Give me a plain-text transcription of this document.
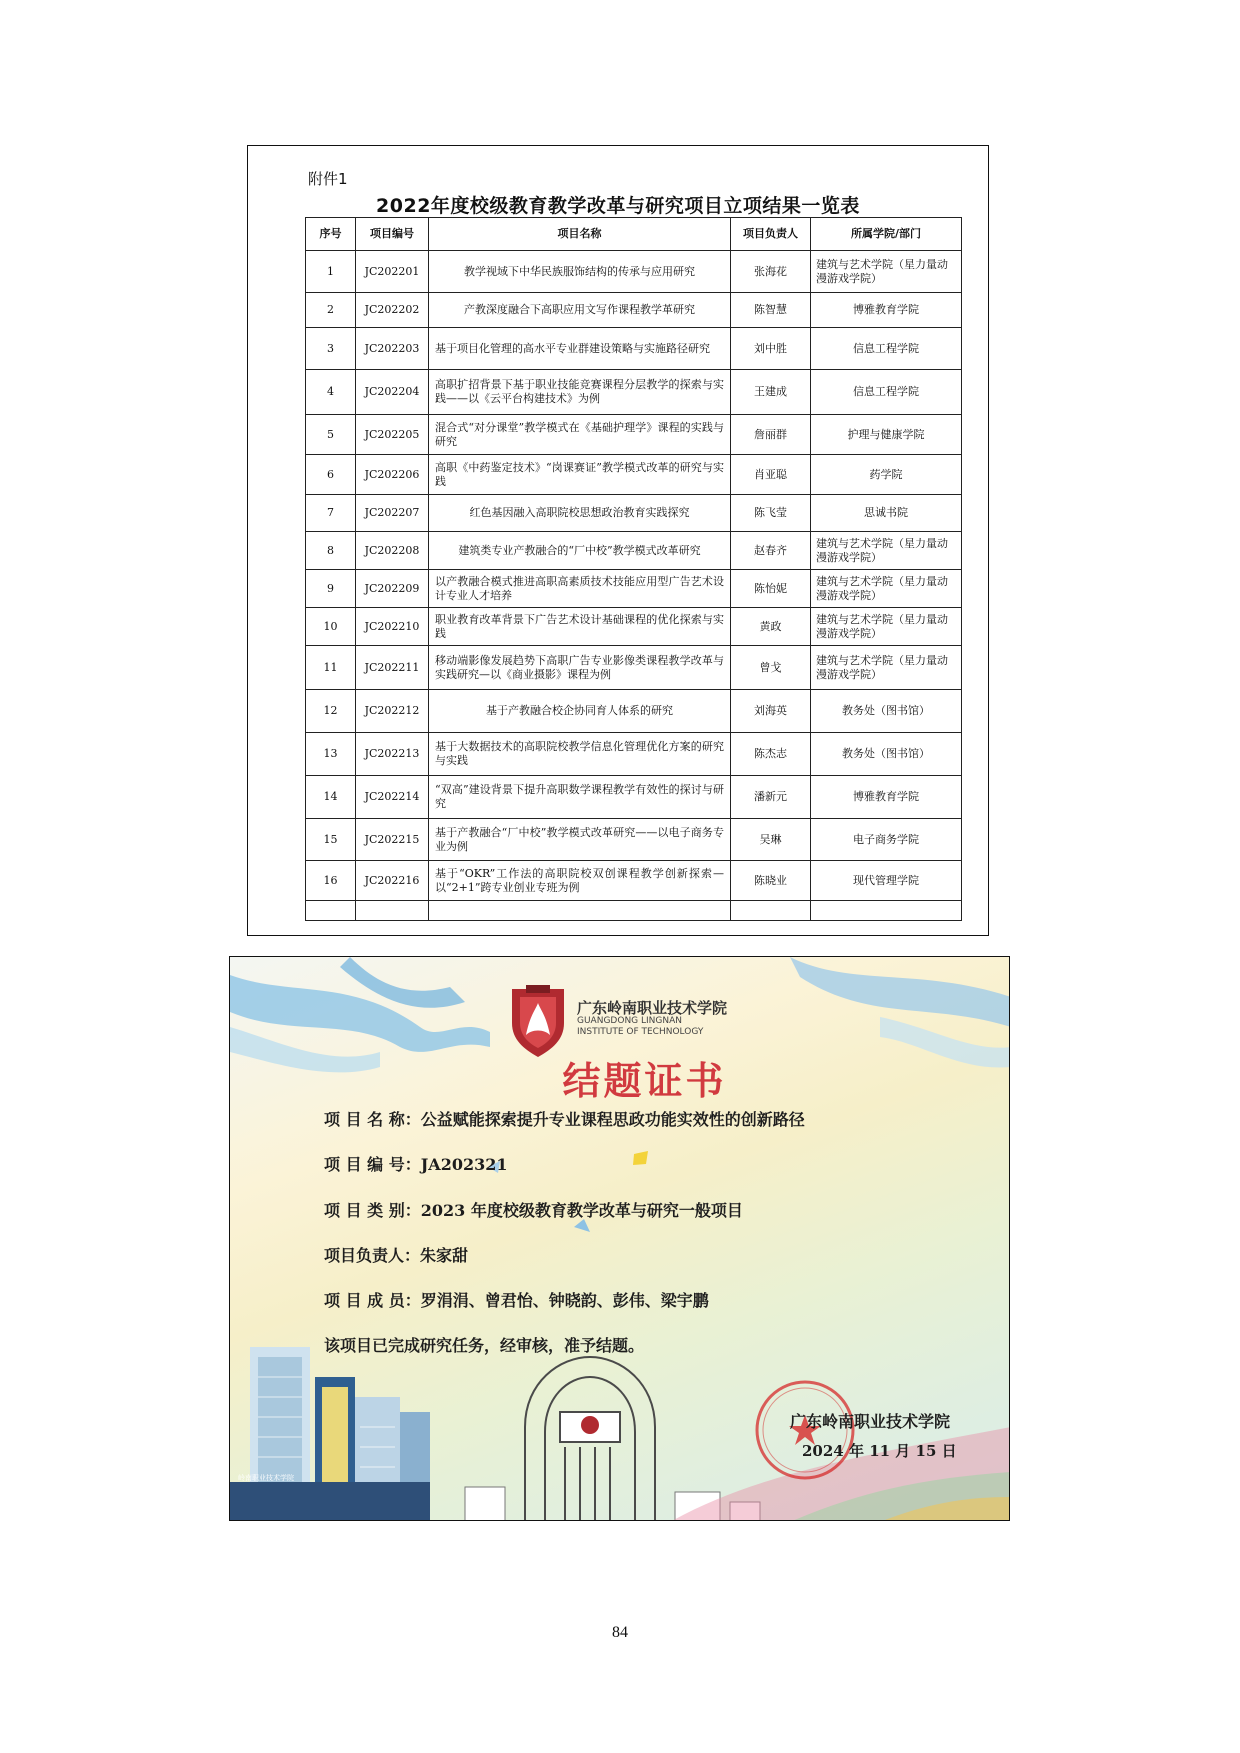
附件1
2022年度校级教育教学改革与研究项目立项结果一览表
序号	项目编号	项目名称	项目负责人	所属学院/部门
1	JC202201	教学视域下中华民族服饰结构的传承与应用研究	张海花	建筑与艺术学院（星力量动漫游戏学院）
2	JC202202	产教深度融合下高职应用文写作课程教学革研究	陈智慧	博雅教育学院
3	JC202203	基于项目化管理的高水平专业群建设策略与实施路径研究	刘中胜	信息工程学院
4	JC202204	高职扩招背景下基于职业技能竞赛课程分层教学的探索与实践——以《云平台构建技术》为例	王建成	信息工程学院
5	JC202205	混合式“对分课堂”教学模式在《基础护理学》课程的实践与研究	詹丽群	护理与健康学院
6	JC202206	高职《中药鉴定技术》“岗课赛证”教学模式改革的研究与实践	肖亚聪	药学院
7	JC202207	红色基因融入高职院校思想政治教育实践探究	陈飞莹	思诚书院
8	JC202208	建筑类专业产教融合的“厂中校”教学模式改革研究	赵春齐	建筑与艺术学院（星力量动漫游戏学院）
9	JC202209	以产教融合模式推进高职高素质技术技能应用型广告艺术设计专业人才培养	陈怡妮	建筑与艺术学院（星力量动漫游戏学院）
10	JC202210	职业教育改革背景下广告艺术设计基础课程的优化探索与实践	黄政	建筑与艺术学院（星力量动漫游戏学院）
11	JC202211	移动端影像发展趋势下高职广告专业影像类课程教学改革与实践研究—以《商业摄影》课程为例	曾戈	建筑与艺术学院（星力量动漫游戏学院）
12	JC202212	基于产教融合校企协同育人体系的研究	刘海英	教务处（图书馆）
13	JC202213	基于大数据技术的高职院校教学信息化管理优化方案的研究与实践	陈杰志	教务处（图书馆）
14	JC202214	“双高”建设背景下提升高职数学课程教学有效性的探讨与研究	潘新元	博雅教育学院
15	JC202215	基于产教融合“厂中校”教学模式改革研究——以电子商务专业为例	吴琳	电子商务学院
16	JC202216	基于“OKR”工作法的高职院校双创课程教学创新探索—以“2+1”跨专业创业专班为例	陈晓业	现代管理学院

广东岭南职业技术学院
GUANGDONG LINGNAN
INSTITUTE OF TECHNOLOGY
结题证书
项 目 名 称：公益赋能探索提升专业课程思政功能实效性的创新路径
项 目 编 号：JA202321
项 目 类 别：2023 年度校级教育教学改革与研究一般项目
项目负责人：朱家甜
项 目 成 员：罗涓涓、曾君怡、钟晓韵、彭伟、梁宇鹏
该项目已完成研究任务，经审核，准予结题。
广东岭南职业技术学院
2024 年 11 月 15 日
岭南职业技术学院
84
